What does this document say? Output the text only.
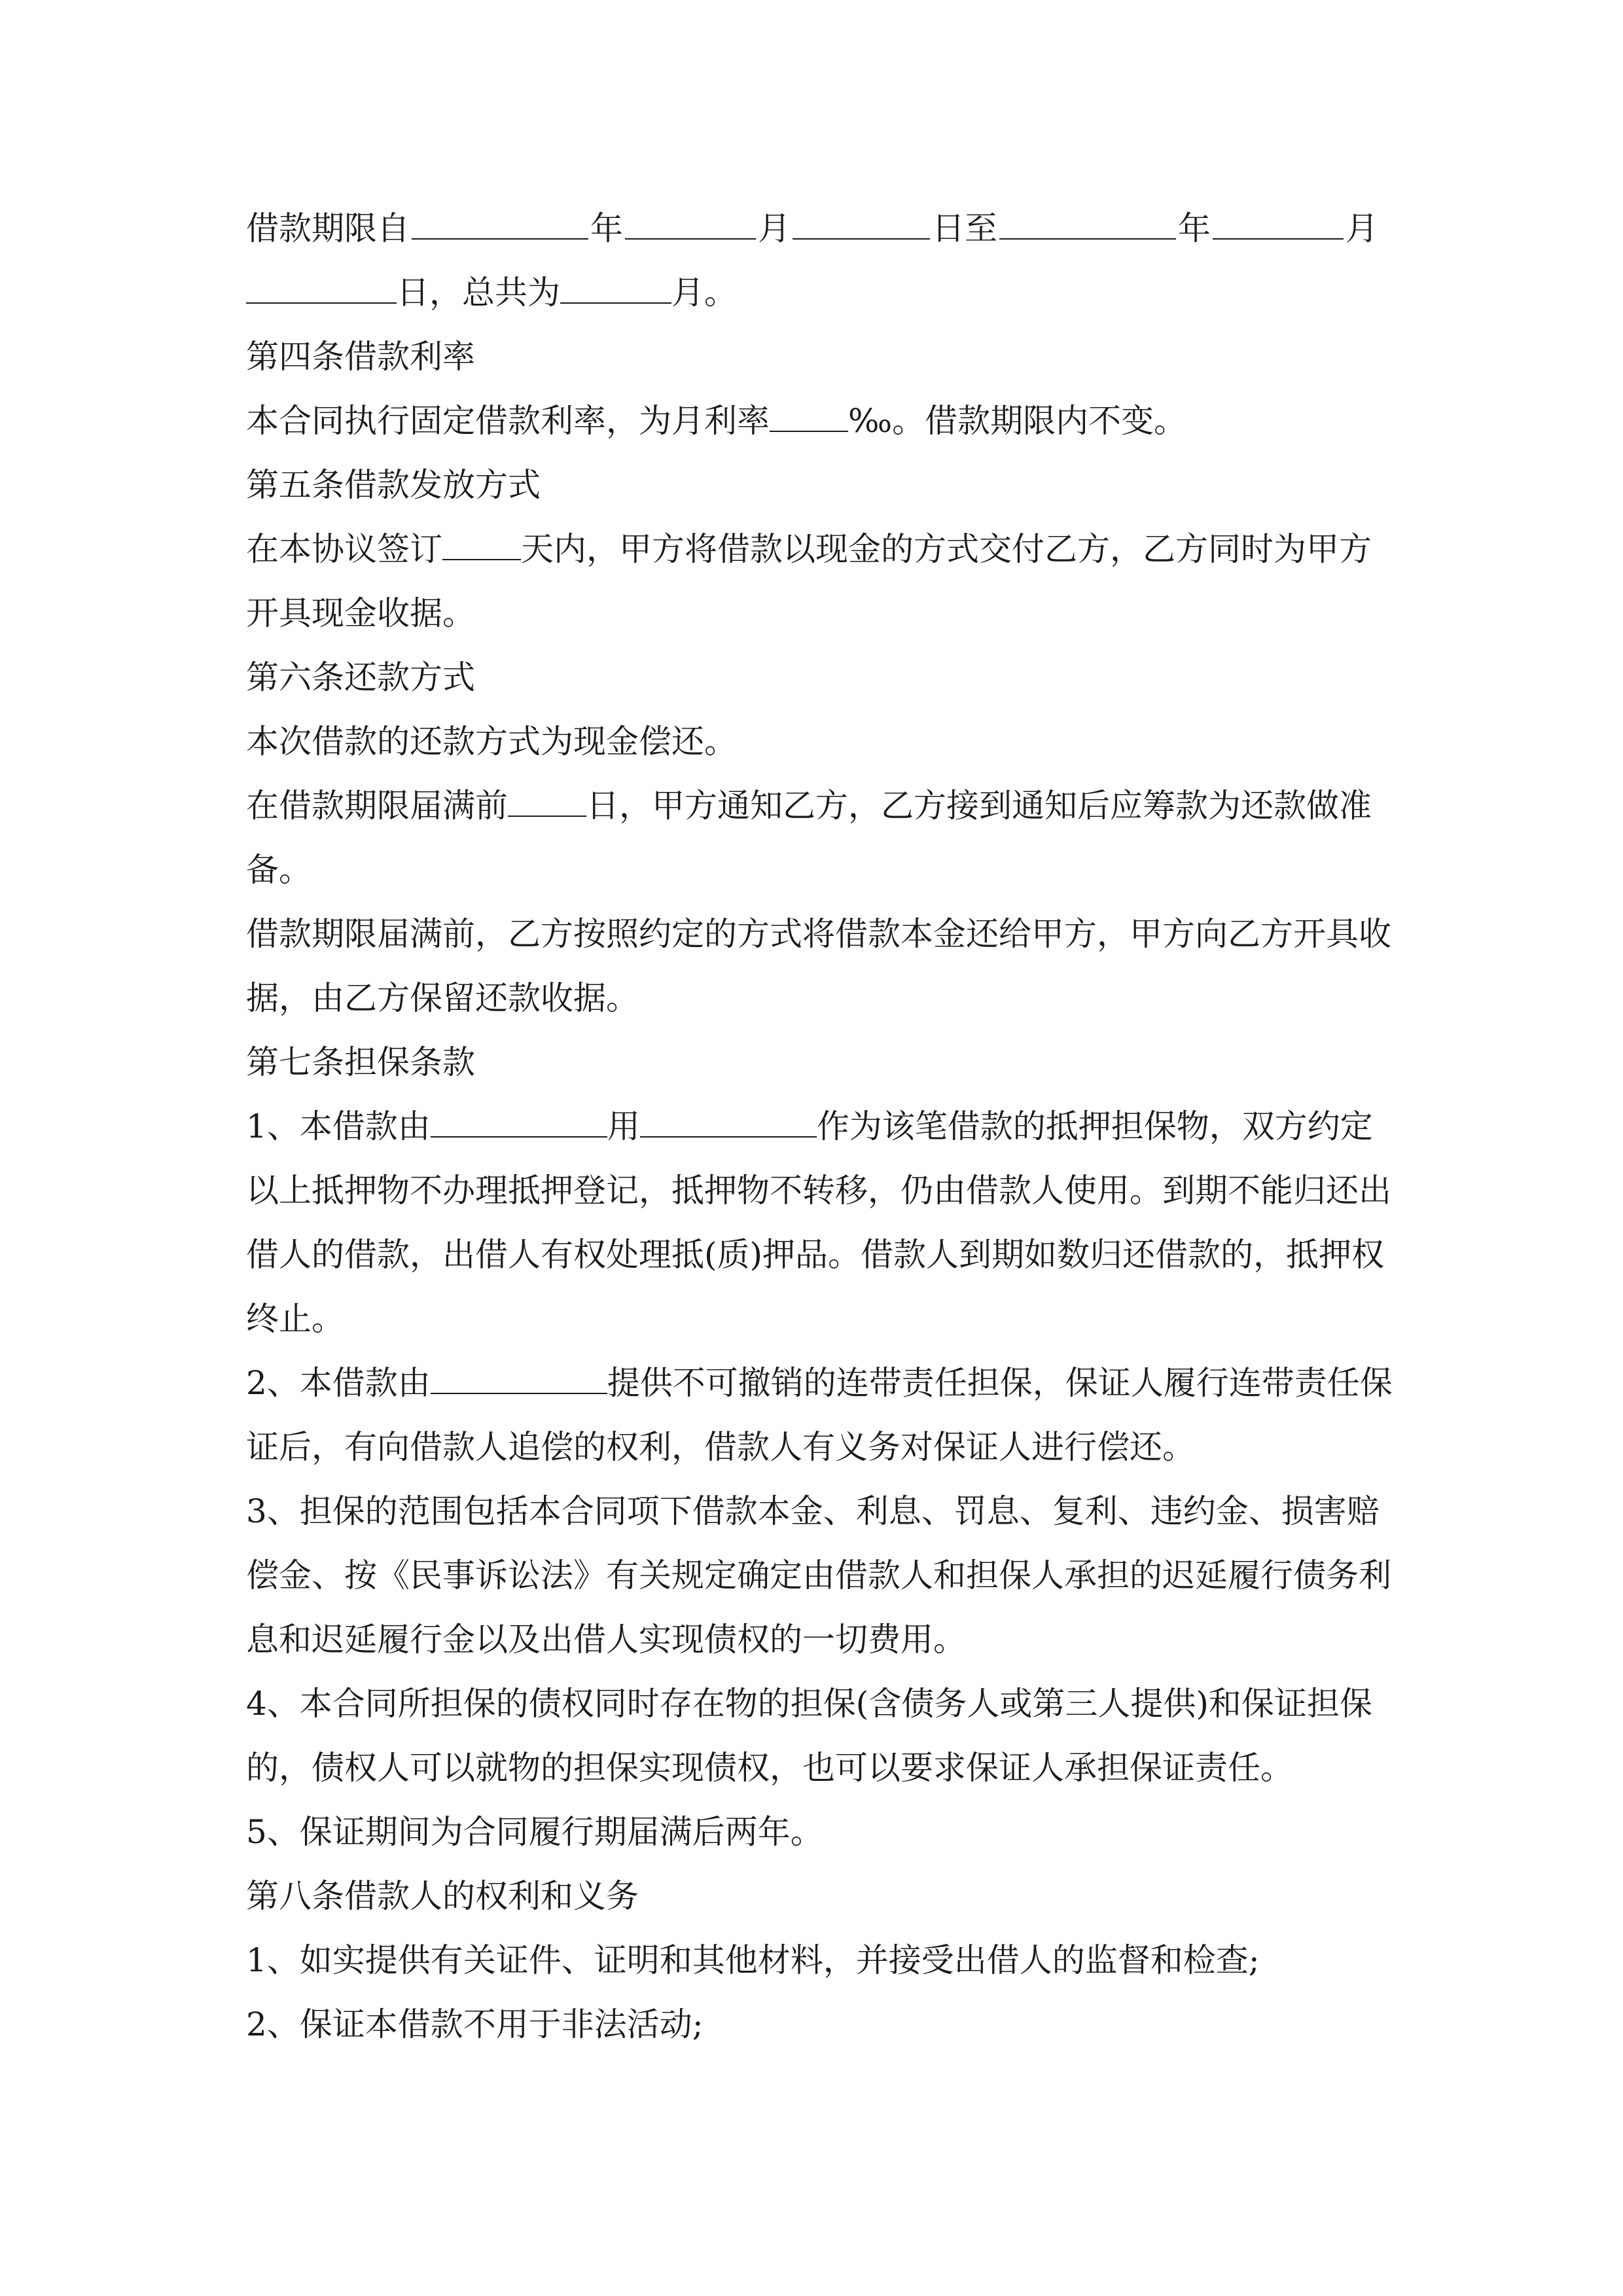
借款期限自	年	月	日至	年	月
日，总共为	月。
第四条借款利率
本合同执行固定借款利率，为月利率 ‰。借款期限内不变。
第五条借款发放方式
在本协议签订 天内，甲方将借款以现金的方式交付乙方，乙方同时为甲方
开具现金收据。
第六条还款方式
本次借款的还款方式为现金偿还。
在借款期限届满前 日，甲方通知乙方，乙方接到通知后应筹款为还款做准
备。
借款期限届满前，乙方按照约定的方式将借款本金还给甲方，甲方向乙方开具收
据，由乙方保留还款收据。
第七条担保条款
1、本借款由	用	作为该笔借款的抵押担保物，双方约定
以上抵押物不办理抵押登记，抵押物不转移，仍由借款人使用。到期不能归还出
借人的借款，出借人有权处理抵(质)押品。借款人到期如数归还借款的，抵押权
终止。
2、本借款由	提供不可撤销的连带责任担保，保证人履行连带责任保
证后，有向借款人追偿的权利，借款人有义务对保证人进行偿还。
3、担保的范围包括本合同项下借款本金、利息、罚息、复利、违约金、损害赔
偿金、按《民事诉讼法》有关规定确定由借款人和担保人承担的迟延履行债务利
息和迟延履行金以及出借人实现债权的一切费用。
4、本合同所担保的债权同时存在物的担保(含债务人或第三人提供)和保证担保
的，债权人可以就物的担保实现债权，也可以要求保证人承担保证责任。
5、保证期间为合同履行期届满后两年。
第八条借款人的权利和义务
1、如实提供有关证件、证明和其他材料，并接受出借人的监督和检查;
2、保证本借款不用于非法活动;
